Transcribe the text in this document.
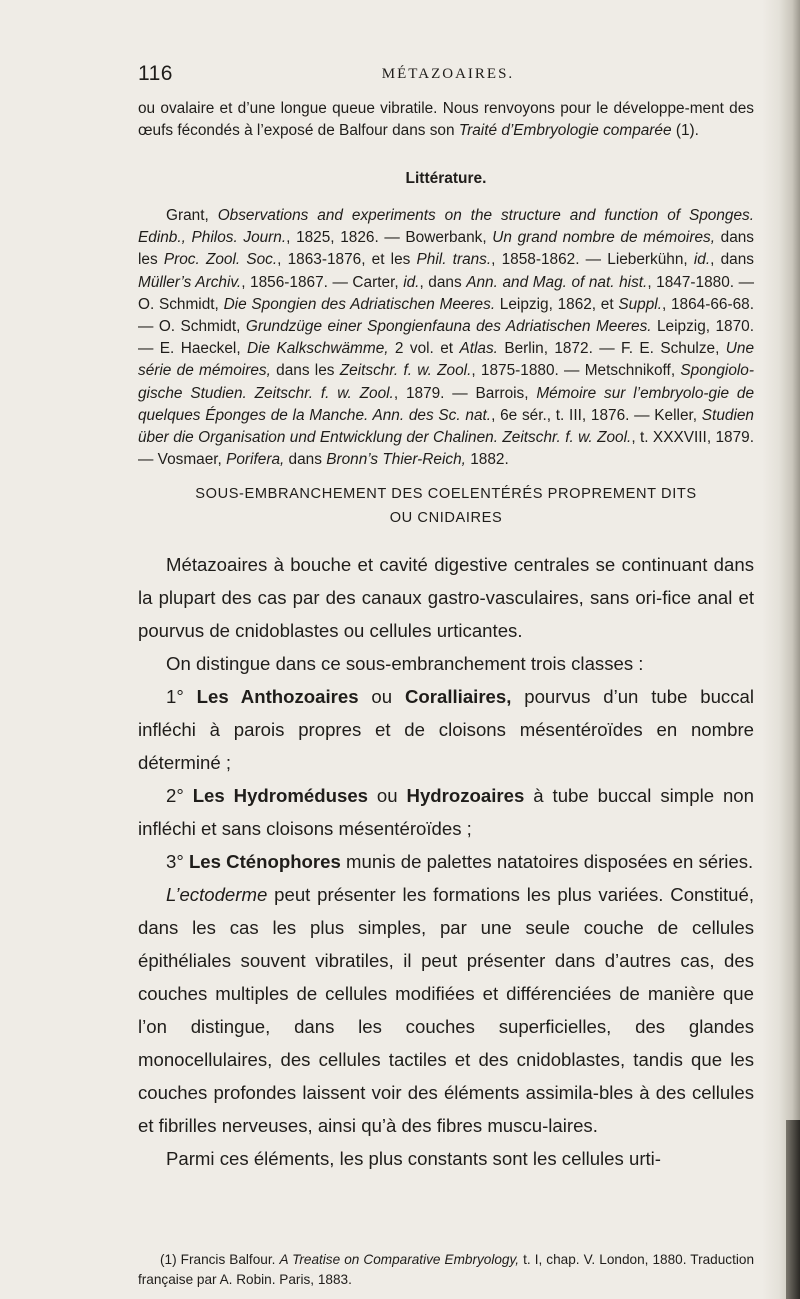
116	MÉTAZOAIRES.
ou ovalaire et d’une longue queue vibratile. Nous renvoyons pour le développe-ment des œufs fécondés à l’exposé de Balfour dans son Traité d’Embryologie comparée (1).
Littérature.
Grant, Observations and experiments on the structure and function of Sponges. Edinb., Philos. Journ., 1825, 1826. — Bowerbank, Un grand nombre de mémoires, dans les Proc. Zool. Soc., 1863-1876, et les Phil. trans., 1858-1862. — Lieberkühn, id., dans Müller’s Archiv., 1856-1867. — Carter, id., dans Ann. and Mag. of nat. hist., 1847-1880. — O. Schmidt, Die Spongien des Adriatischen Meeres. Leipzig, 1862, et Suppl., 1864-66-68. — O. Schmidt, Grundzüge einer Spongienfauna des Adriatischen Meeres. Leipzig, 1870. — E. Haeckel, Die Kalkschwämme, 2 vol. et Atlas. Berlin, 1872. — F. E. Schulze, Une série de mémoires, dans les Zeitschr. f. w. Zool., 1875-1880. — Metschnikoff, Spongiolo-gische Studien. Zeitschr. f. w. Zool., 1879. — Barrois, Mémoire sur l’embryolo-gie de quelques Éponges de la Manche. Ann. des Sc. nat., 6e sér., t. III, 1876. — Keller, Studien über die Organisation und Entwicklung der Chalinen. Zeitschr. f. w. Zool., t. XXXVIII, 1879. — Vosmaer, Porifera, dans Bronn’s Thier-Reich, 1882.
SOUS-EMBRANCHEMENT DES COELENTÉRÉS PROPREMENT DITS
OU CNIDAIRES

Métazoaires à bouche et cavité digestive centrales se continuant dans la plupart des cas par des canaux gastro-vasculaires, sans ori-fice anal et pourvus de cnidoblastes ou cellules urticantes.

On distingue dans ce sous-embranchement trois classes :

1° Les Anthozoaires ou Coralliaires, pourvus d’un tube buccal infléchi à parois propres et de cloisons mésentéroïdes en nombre déterminé ;

2° Les Hydroméduses ou Hydrozoaires à tube buccal simple non infléchi et sans cloisons mésentéroïdes ;

3° Les Cténophores munis de palettes natatoires disposées en séries.

L’ectoderme peut présenter les formations les plus variées. Constitué, dans les cas les plus simples, par une seule couche de cellules épithéliales souvent vibratiles, il peut présenter dans d’autres cas, des couches multiples de cellules modifiées et différenciées de manière que l’on distingue, dans les couches superficielles, des glandes monocellulaires, des cellules tactiles et des cnidoblastes, tandis que les couches profondes laissent voir des éléments assimila-bles à des cellules et fibrilles nerveuses, ainsi qu’à des fibres muscu-laires.

Parmi ces éléments, les plus constants sont les cellules urti-

(1) Francis Balfour. A Treatise on Comparative Embryology, t. I, chap. V. London, 1880. Traduction française par A. Robin. Paris, 1883.
